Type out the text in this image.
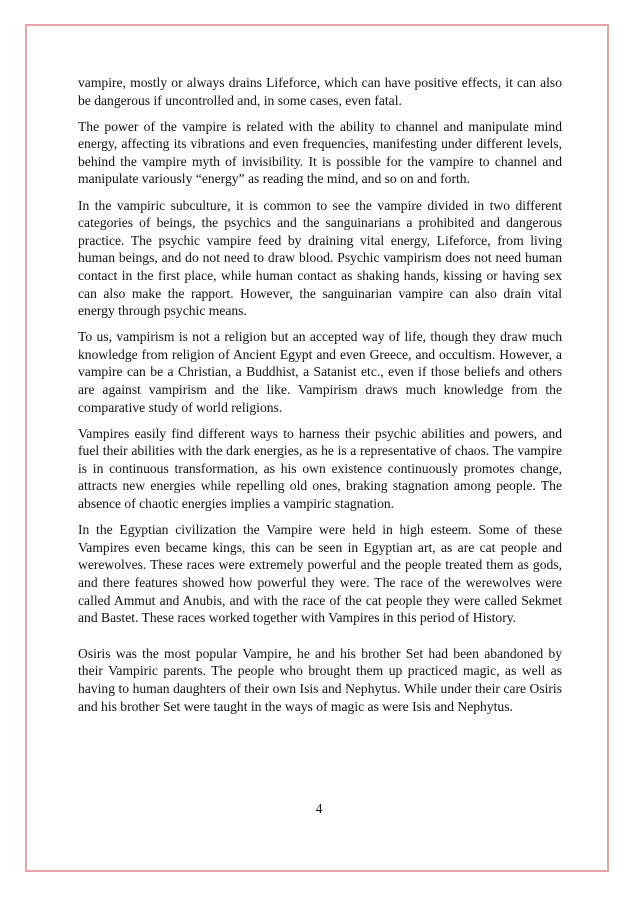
vampire, mostly or always drains Lifeforce, which can have positive effects, it can also be dangerous if uncontrolled and, in some cases, even fatal.

The power of the vampire is related with the ability to channel and manipulate mind energy, affecting its vibrations and even frequencies, manifesting under different levels, behind the vampire myth of invisibility. It is possible for the vampire to channel and manipulate variously “energy” as reading the mind, and so on and forth.

In the vampiric subculture, it is common to see the vampire divided in two different categories of beings, the psychics and the sanguinarians a prohibited and dangerous practice. The psychic vampire feed by draining vital energy, Lifeforce, from living human beings, and do not need to draw blood. Psychic vampirism does not need human contact in the first place, while human contact as shaking hands, kissing or having sex can also make the rapport. However, the sanguinarian vampire can also drain vital energy through psychic means.

To us, vampirism is not a religion but an accepted way of life, though they draw much knowledge from religion of Ancient Egypt and even Greece, and occultism. However, a vampire can be a Christian, a Buddhist, a Satanist etc., even if those beliefs and others are against vampirism and the like. Vampirism draws much knowledge from the comparative study of world religions.

Vampires easily find different ways to harness their psychic abilities and powers, and fuel their abilities with the dark energies, as he is a representative of chaos. The vampire is in continuous transformation, as his own existence continuously promotes change, attracts new energies while repelling old ones, braking stagnation among people. The absence of chaotic energies implies a vampiric stagnation.

In the Egyptian civilization the Vampire were held in high esteem. Some of these Vampires even became kings, this can be seen in Egyptian art, as are cat people and werewolves. These races were extremely powerful and the people treated them as gods, and there features showed how powerful they were. The race of the werewolves were called Ammut and Anubis, and with the race of the cat people they were called Sekmet and Bastet. These races worked together with Vampires in this period of History.

Osiris was the most popular Vampire, he and his brother Set had been abandoned by their Vampiric parents. The people who brought them up practiced magic, as well as having to human daughters of their own Isis and Nephytus. While under their care Osiris and his brother Set were taught in the ways of magic as were Isis and Nephytus.

4
